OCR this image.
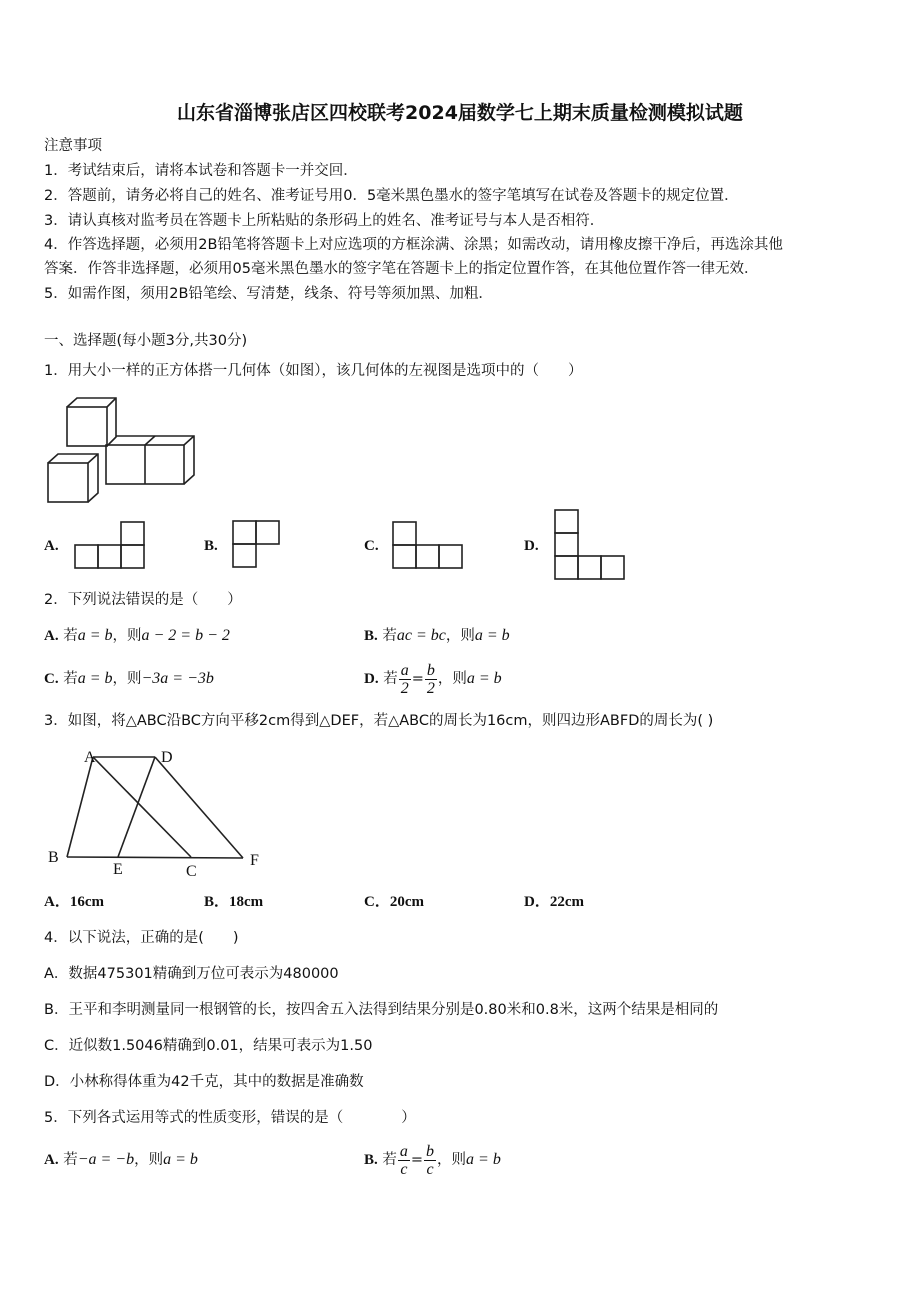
山东省淄博张店区四校联考2024届数学七上期末质量检测模拟试题
注意事项
1．考试结束后，请将本试卷和答题卡一并交回．
2．答题前，请务必将自己的姓名、准考证号用0．5毫米黑色墨水的签字笔填写在试卷及答题卡的规定位置．
3．请认真核对监考员在答题卡上所粘贴的条形码上的姓名、准考证号与本人是否相符．
4．作答选择题，必须用2B铅笔将答题卡上对应选项的方框涂满、涂黑；如需改动，请用橡皮擦干净后，再选涂其他
答案．作答非选择题，必须用05毫米黑色墨水的签字笔在答题卡上的指定位置作答，在其他位置作答一律无效．
5．如需作图，须用2B铅笔绘、写清楚，线条、符号等须加黑、加粗．
一、选择题(每小题3分,共30分)
1．用大小一样的正方体搭一几何体（如图），该几何体的左视图是选项中的（　　）
A.	B.	C.	D.
2．下列说法错误的是（　　）
A. 若a = b，则a − 2 = b − 2	B. 若ac = bc，则a = b
C. 若a = b，则−3a = −3b	D. 若 $\frac{a}{2} = \frac{b}{2}$ ，则a = b
3．如图，将△ABC沿BC方向平移2cm得到△DEF，若△ABC的周长为16cm，则四边形ABFD的周长为( )
A	D
B
E	C
F
A．16cm	B．18cm	C．20cm	D．22cm
4．以下说法，正确的是(　　)
A．数据475301精确到万位可表示为480000
B．王平和李明测量同一根钢管的长，按四舍五入法得到结果分别是0.80米和0.8米，这两个结果是相同的
C．近似数1.5046精确到0.01，结果可表示为1.50
D．小林称得体重为42千克，其中的数据是准确数
5．下列各式运用等式的性质变形，错误的是（　　　　）
A. 若−a = −b，则a = b	B. 若 $\frac{a}{c} = \frac{b}{c}$ ，则a = b
